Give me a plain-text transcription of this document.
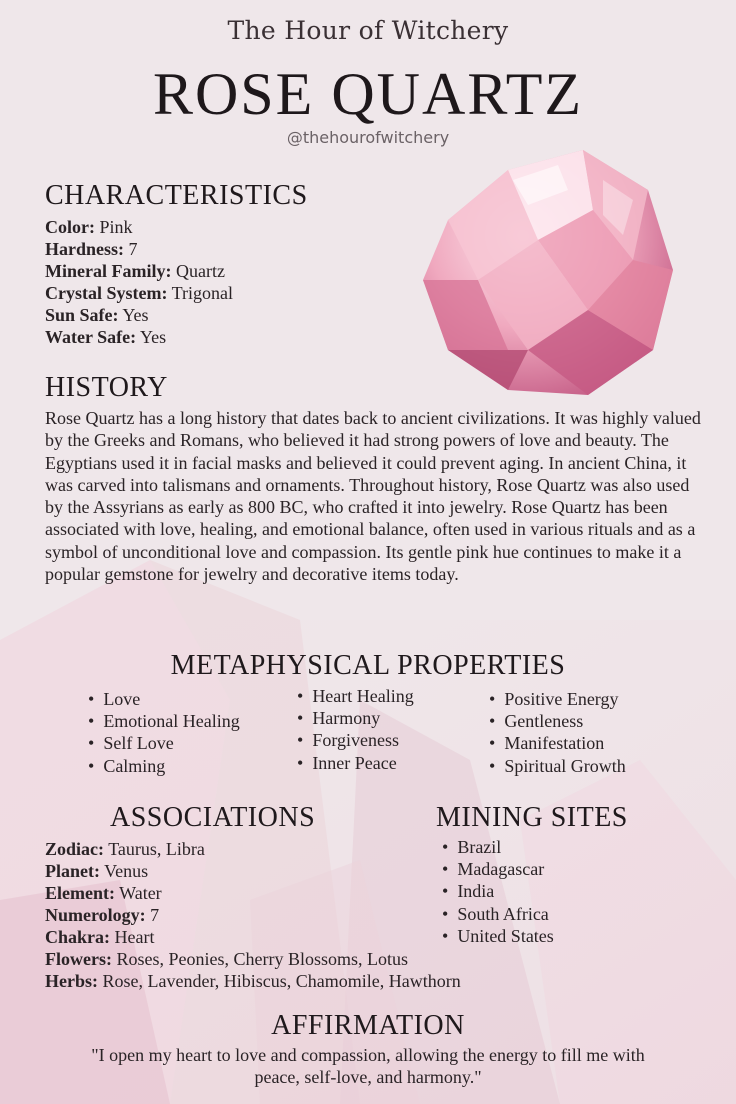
The Hour of Witchery
ROSE QUARTZ
@thehourofwitchery
CHARACTERISTICS
Color: Pink
Hardness: 7
Mineral Family: Quartz
Crystal System: Trigonal
Sun Safe: Yes
Water Safe: Yes
HISTORY
Rose Quartz has a long history that dates back to ancient civilizations. It was highly valued by the Greeks and Romans, who believed it had strong powers of love and beauty. The Egyptians used it in facial masks and believed it could prevent aging. In ancient China, it was carved into talismans and ornaments. Throughout history, Rose Quartz was also used by the Assyrians as early as 800 BC, who crafted it into jewelry. Rose Quartz has been associated with love, healing, and emotional balance, often used in various rituals and as a symbol of unconditional love and compassion. Its gentle pink hue continues to make it a popular gemstone for jewelry and decorative items today.
METAPHYSICAL PROPERTIES
• Love
• Emotional Healing
• Self Love
• Calming
• Heart Healing
• Harmony
• Forgiveness
• Inner Peace
• Positive Energy
• Gentleness
• Manifestation
• Spiritual Growth
ASSOCIATIONS
Zodiac: Taurus, Libra
Planet: Venus
Element: Water
Numerology: 7
Chakra: Heart
Flowers: Roses, Peonies, Cherry Blossoms, Lotus
Herbs: Rose, Lavender, Hibiscus, Chamomile, Hawthorn
MINING SITES
• Brazil
• Madagascar
• India
• South Africa
• United States
AFFIRMATION
"I open my heart to love and compassion, allowing the energy to fill me with peace, self-love, and harmony."
